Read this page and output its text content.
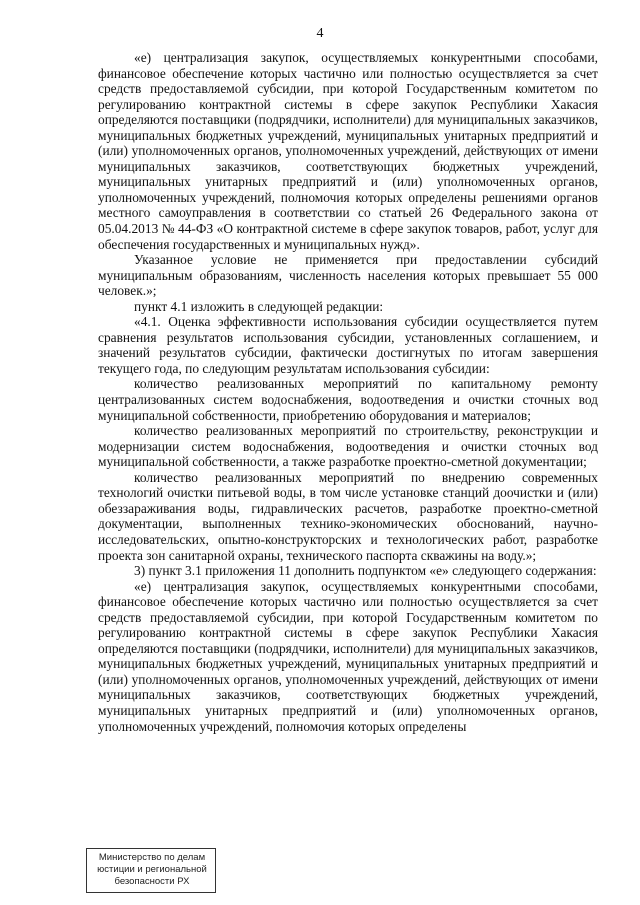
4

«е) централизация закупок, осуществляемых конкурентными способами, финансовое обеспечение которых частично или полностью осуществляется за счет средств предоставляемой субсидии, при которой Государственным комитетом по регулированию контрактной системы в сфере закупок Республики Хакасия определяются поставщики (подрядчики, исполнители) для муниципальных заказчиков, муниципальных бюджетных учреждений, муниципальных унитарных предприятий и (или) уполномоченных органов, уполномоченных учреждений, действующих от имени муниципальных заказчиков, соответствующих бюджетных учреждений, муниципальных унитарных предприятий и (или) уполномоченных органов, уполномоченных учреждений, полномочия которых определены решениями органов местного самоуправления в соответствии со статьей 26 Федерального закона от 05.04.2013 № 44-ФЗ «О контрактной системе в сфере закупок товаров, работ, услуг для обеспечения государственных и муниципальных нужд».

Указанное условие не применяется при предоставлении субсидий муниципальным образованиям, численность населения которых превышает 55 000 человек.»;

пункт 4.1 изложить в следующей редакции:

«4.1. Оценка эффективности использования субсидии осуществляется путем сравнения результатов использования субсидии, установленных соглашением, и значений результатов субсидии, фактически достигнутых по итогам завершения текущего года, по следующим результатам использования субсидии:

количество реализованных мероприятий по капитальному ремонту централизованных систем водоснабжения, водоотведения и очистки сточных вод муниципальной собственности, приобретению оборудования и материалов;

количество реализованных мероприятий по строительству, реконструкции и модернизации систем водоснабжения, водоотведения и очистки сточных вод муниципальной собственности, а также разработке проектно-сметной документации;

количество реализованных мероприятий по внедрению современных технологий очистки питьевой воды, в том числе установке станций доочистки и (или) обеззараживания воды, гидравлических расчетов, разработке проектно-сметной документации, выполненных технико-экономических обоснований, научно-исследовательских, опытно-конструкторских и технологических работ, разработке проекта зон санитарной охраны, технического паспорта скважины на воду.»;

3) пункт 3.1 приложения 11 дополнить подпунктом «е» следующего содержания:

«е) централизация закупок, осуществляемых конкурентными способами, финансовое обеспечение которых частично или полностью осуществляется за счет средств предоставляемой субсидии, при которой Государственным комитетом по регулированию контрактной системы в сфере закупок Республики Хакасия определяются поставщики (подрядчики, исполнители) для муниципальных заказчиков, муниципальных бюджетных учреждений, муниципальных унитарных предприятий и (или) уполномоченных органов, уполномоченных учреждений, действующих от имени муниципальных заказчиков, соответствующих бюджетных учреждений, муниципальных унитарных предприятий и (или) уполномоченных органов, уполномоченных учреждений, полномочия которых определены

Министерство по делам
юстиции и региональной
безопасности РХ
